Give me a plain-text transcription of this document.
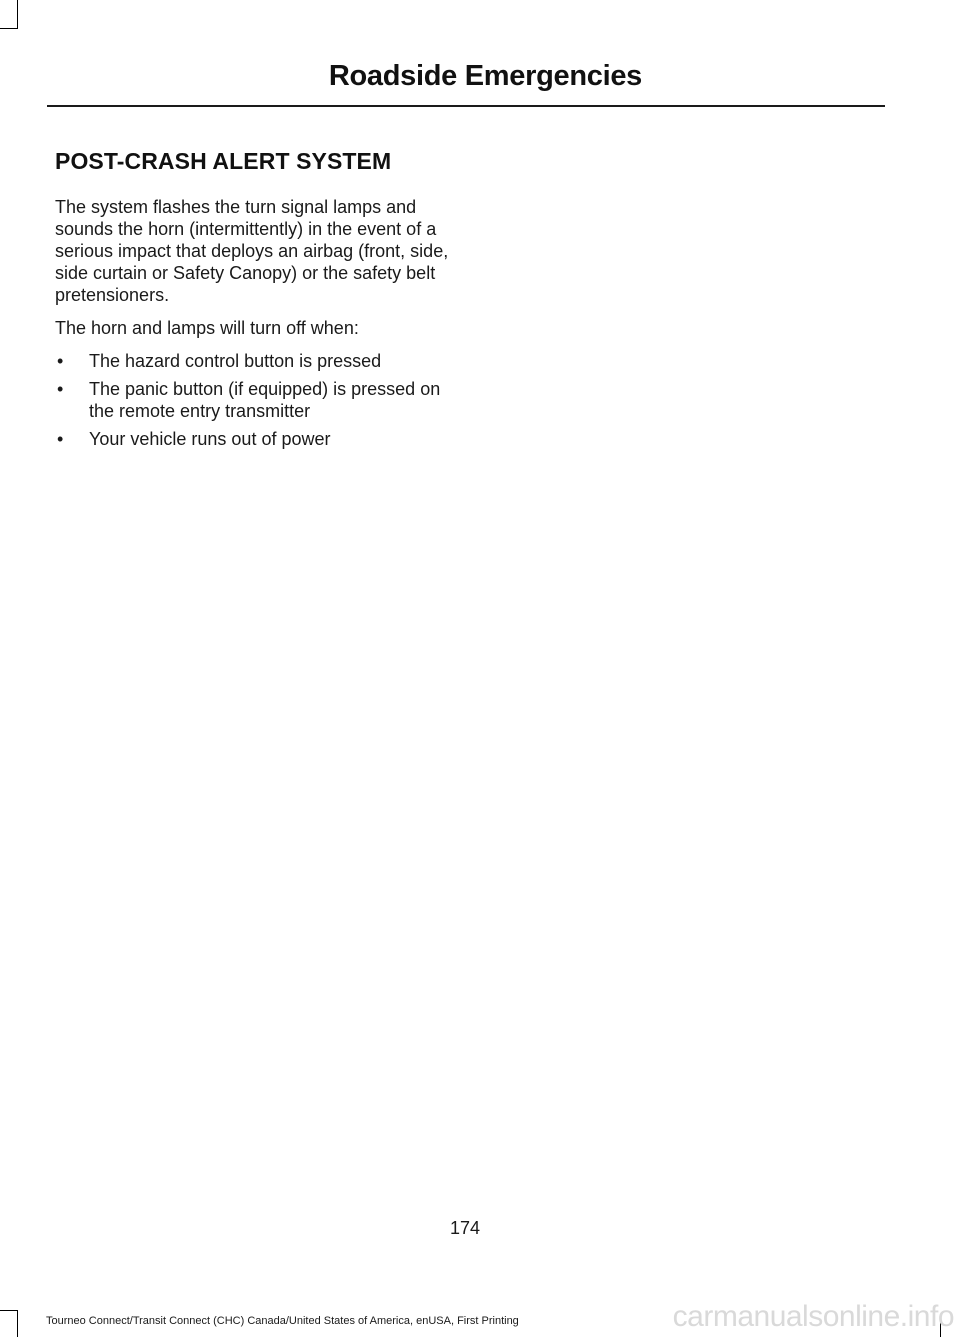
Roadside Emergencies
POST-CRASH ALERT SYSTEM

The system flashes the turn signal lamps and sounds the horn (intermittently) in the event of a serious impact that deploys an airbag (front, side, side curtain or Safety Canopy) or the safety belt pretensioners.

The horn and lamps will turn off when:

• The hazard control button is pressed
• The panic button (if equipped) is pressed on the remote entry transmitter
• Your vehicle runs out of power
174
Tourneo Connect/Transit Connect (CHC) Canada/United States of America, enUSA, First Printing	carmanualsonline.info
